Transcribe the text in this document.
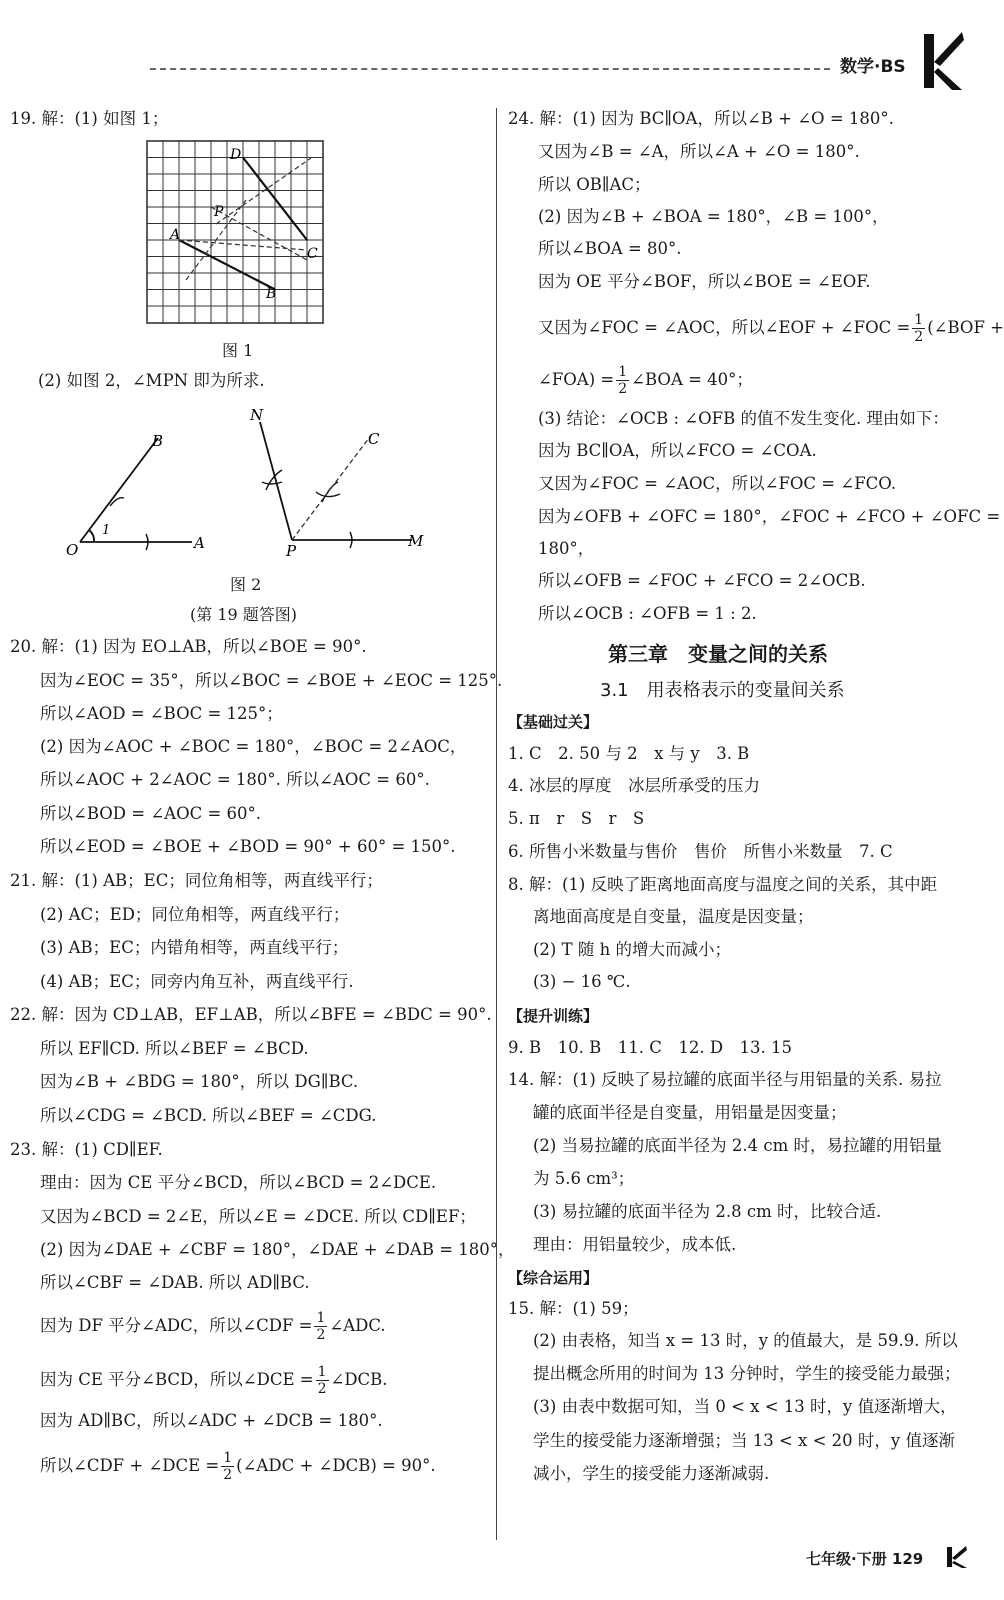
数学·BS
19. 解：(1) 如图 1；
D
P
A
C
B
图 1
(2) 如图 2，∠MPN 即为所求.
B
O	A
1
N
C
P
M
图 2
(第 19 题答图)
20. 解：(1) 因为 EO⊥AB，所以∠BOE = 90°.
因为∠EOC = 35°，所以∠BOC = ∠BOE + ∠EOC = 125°.
所以∠AOD = ∠BOC = 125°；
(2) 因为∠AOC + ∠BOC = 180°，∠BOC = 2∠AOC，
所以∠AOC + 2∠AOC = 180°. 所以∠AOC = 60°.
所以∠BOD = ∠AOC = 60°.
所以∠EOD = ∠BOE + ∠BOD = 90° + 60° = 150°.
21. 解：(1) AB；EC；同位角相等，两直线平行；
(2) AC；ED；同位角相等，两直线平行；
(3) AB；EC；内错角相等，两直线平行；
(4) AB；EC；同旁内角互补，两直线平行.
22. 解：因为 CD⊥AB，EF⊥AB，所以∠BFE = ∠BDC = 90°.
所以 EF∥CD. 所以∠BEF = ∠BCD.
因为∠B + ∠BDG = 180°，所以 DG∥BC.
所以∠CDG = ∠BCD. 所以∠BEF = ∠CDG.
23. 解：(1) CD∥EF.
理由：因为 CE 平分∠BCD，所以∠BCD = 2∠DCE.
又因为∠BCD = 2∠E，所以∠E = ∠DCE. 所以 CD∥EF；
(2) 因为∠DAE + ∠CBF = 180°，∠DAE + ∠DAB = 180°，
所以∠CBF = ∠DAB. 所以 AD∥BC.
因为 DF 平分∠ADC，所以∠CDF = $\frac{1}{2}$ ∠ADC.
因为 CE 平分∠BCD，所以∠DCE = $\frac{1}{2}$ ∠DCB.
因为 AD∥BC，所以∠ADC + ∠DCB = 180°.
所以∠CDF + ∠DCE = $\frac{1}{2}$ (∠ADC + ∠DCB) = 90°.
24. 解：(1) 因为 BC∥OA，所以∠B + ∠O = 180°.
又因为∠B = ∠A，所以∠A + ∠O = 180°.
所以 OB∥AC；
(2) 因为∠B + ∠BOA = 180°，∠B = 100°，
所以∠BOA = 80°.
因为 OE 平分∠BOF，所以∠BOE = ∠EOF.
又因为∠FOC = ∠AOC，所以∠EOF + ∠FOC = $\frac{1}{2}$ (∠BOF +
∠FOA) = $\frac{1}{2}$ ∠BOA = 40°；
(3) 结论：∠OCB : ∠OFB 的值不发生变化. 理由如下：
因为 BC∥OA，所以∠FCO = ∠COA.
又因为∠FOC = ∠AOC，所以∠FOC = ∠FCO.
因为∠OFB + ∠OFC = 180°，∠FOC + ∠FCO + ∠OFC =
180°，
所以∠OFB = ∠FOC + ∠FCO = 2∠OCB.
所以∠OCB : ∠OFB = 1 : 2.
第三章　变量之间的关系
3.1　用表格表示的变量间关系
【基础过关】
1. C　2. 50 与 2　x 与 y　3. B
4. 冰层的厚度　冰层所承受的压力
5. π　r　S　r　S
6. 所售小米数量与售价　售价　所售小米数量　7. C
8. 解：(1) 反映了距离地面高度与温度之间的关系，其中距
离地面高度是自变量，温度是因变量；
(2) T 随 h 的增大而减小；
(3) − 16 ℃.
【提升训练】
9. B　10. B　11. C　12. D　13. 15
14. 解：(1) 反映了易拉罐的底面半径与用铝量的关系. 易拉
罐的底面半径是自变量，用铝量是因变量；
(2) 当易拉罐的底面半径为 2.4 cm 时，易拉罐的用铝量
为 5.6 cm³；
(3) 易拉罐的底面半径为 2.8 cm 时，比较合适.
理由：用铝量较少，成本低.
【综合运用】
15. 解：(1) 59；
(2) 由表格，知当 x = 13 时，y 的值最大，是 59.9. 所以
提出概念所用的时间为 13 分钟时，学生的接受能力最强；
(3) 由表中数据可知，当 0 < x < 13 时，y 值逐渐增大，
学生的接受能力逐渐增强；当 13 < x < 20 时，y 值逐渐
减小，学生的接受能力逐渐减弱.
七年级·下册 129
